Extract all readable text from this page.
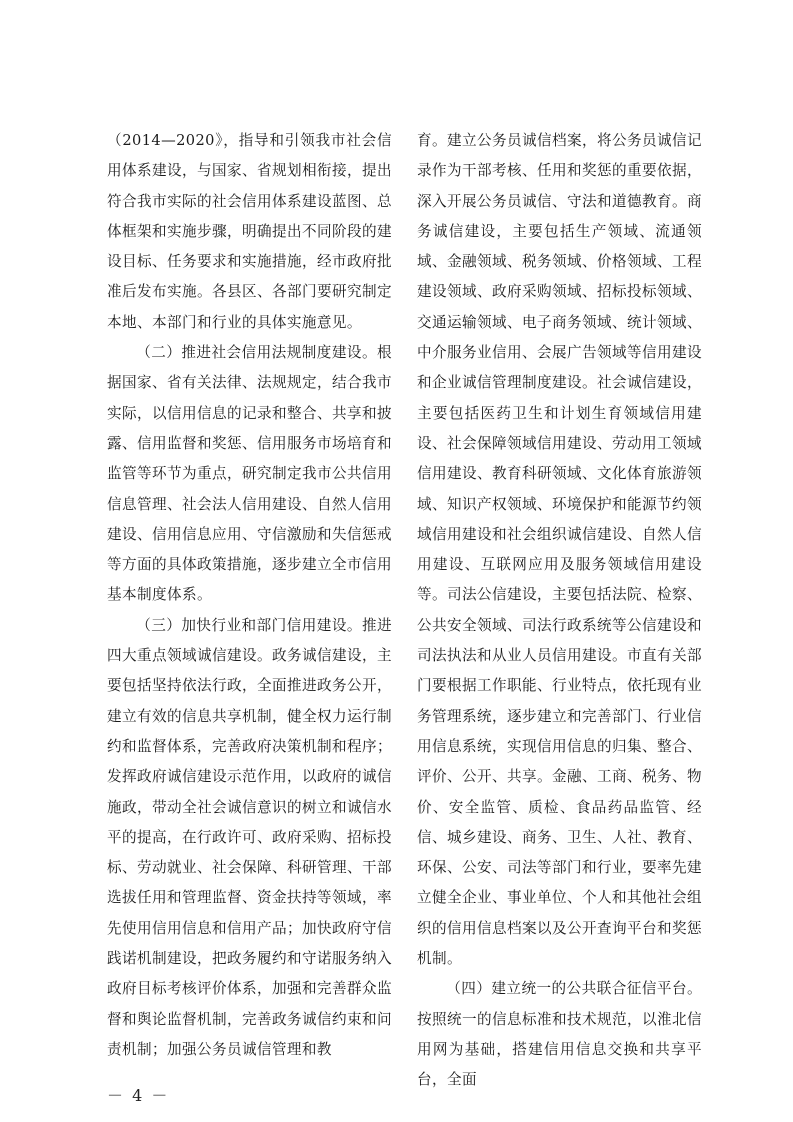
（2014—2020》，指导和引领我市社会信用体系建设，与国家、省规划相衔接，提出符合我市实际的社会信用体系建设蓝图、总体框架和实施步骤，明确提出不同阶段的建设目标、任务要求和实施措施，经市政府批准后发布实施。各县区、各部门要研究制定本地、本部门和行业的具体实施意见。

（二）推进社会信用法规制度建设。根据国家、省有关法律、法规规定，结合我市实际，以信用信息的记录和整合、共享和披露、信用监督和奖惩、信用服务市场培育和监管等环节为重点，研究制定我市公共信用信息管理、社会法人信用建设、自然人信用建设、信用信息应用、守信激励和失信惩戒等方面的具体政策措施，逐步建立全市信用基本制度体系。

（三）加快行业和部门信用建设。推进四大重点领域诚信建设。政务诚信建设，主要包括坚持依法行政，全面推进政务公开，建立有效的信息共享机制，健全权力运行制约和监督体系，完善政府决策机制和程序；发挥政府诚信建设示范作用，以政府的诚信施政，带动全社会诚信意识的树立和诚信水平的提高，在行政许可、政府采购、招标投标、劳动就业、社会保障、科研管理、干部选拔任用和管理监督、资金扶持等领域，率先使用信用信息和信用产品；加快政府守信践诺机制建设，把政务履约和守诺服务纳入政府目标考核评价体系，加强和完善群众监督和舆论监督机制，完善政务诚信约束和问责机制；加强公务员诚信管理和教

育。建立公务员诚信档案，将公务员诚信记录作为干部考核、任用和奖惩的重要依据，深入开展公务员诚信、守法和道德教育。商务诚信建设，主要包括生产领域、流通领域、金融领域、税务领域、价格领域、工程建设领域、政府采购领域、招标投标领域、交通运输领域、电子商务领域、统计领域、中介服务业信用、会展广告领域等信用建设和企业诚信管理制度建设。社会诚信建设，主要包括医药卫生和计划生育领域信用建设、社会保障领域信用建设、劳动用工领域信用建设、教育科研领域、文化体育旅游领域、知识产权领域、环境保护和能源节约领域信用建设和社会组织诚信建设、自然人信用建设、互联网应用及服务领域信用建设等。司法公信建设，主要包括法院、检察、公共安全领域、司法行政系统等公信建设和司法执法和从业人员信用建设。市直有关部门要根据工作职能、行业特点，依托现有业务管理系统，逐步建立和完善部门、行业信用信息系统，实现信用信息的归集、整合、评价、公开、共享。金融、工商、税务、物价、安全监管、质检、食品药品监管、经信、城乡建设、商务、卫生、人社、教育、环保、公安、司法等部门和行业，要率先建立健全企业、事业单位、个人和其他社会组织的信用信息档案以及公开查询平台和奖惩机制。

（四）建立统一的公共联合征信平台。按照统一的信息标准和技术规范，以淮北信用网为基础，搭建信用信息交换和共享平台，全面

－ 4 －
